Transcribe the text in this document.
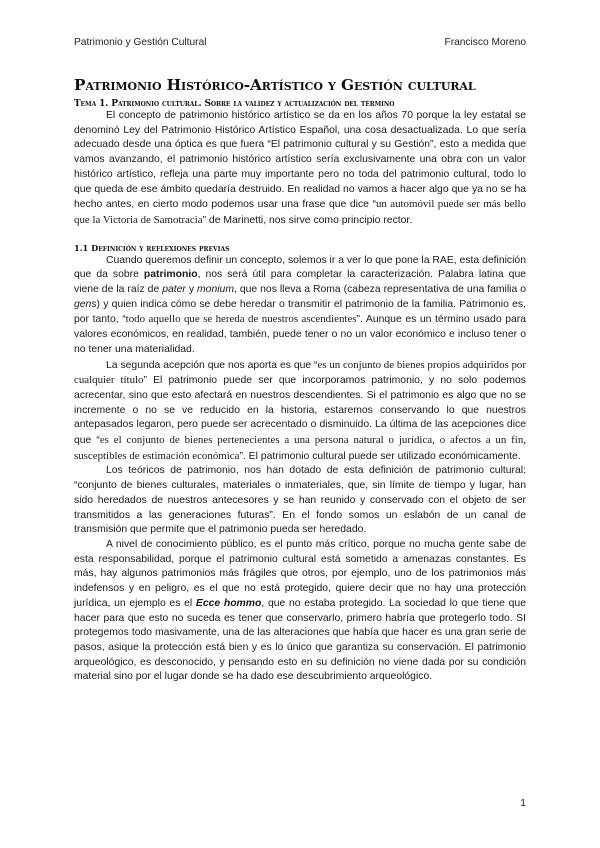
Patrimonio y Gestión Cultural	Francisco Moreno
Patrimonio Histórico-Artístico y Gestión cultural
Tema 1. Patrimonio cultural. Sobre la validez y actualización del término

El concepto de patrimonio histórico artístico se da en los años 70 porque la ley estatal se denominó Ley del Patrimonio Histórico Artístico Español, una cosa desactualizada. Lo que sería adecuado desde una óptica es que fuera “El patrimonio cultural y su Gestión”, esto a medida que vamos avanzando, el patrimonio histórico artístico sería exclusivamente una obra con un valor histórico artístico, refleja una parte muy importante pero no toda del patrimonio cultural, todo lo que queda de ese ámbito quedaría destruido. En realidad no vamos a hacer algo que ya no se ha hecho antes, en cierto modo podemos usar una frase que dice “un automóvil puede ser más bello que la Victoria de Samotracia” de Marinetti, nos sirve como principio rector.

1.1 Definición y reflexiones previas

Cuando queremos definir un concepto, solemos ir a ver lo que pone la RAE, esta definición que da sobre patrimonio, nos será útil para completar la caracterización. Palabra latina que viene de la raíz de pater y monium, que nos lleva a Roma (cabeza representativa de una familia o gens) y quien indica cómo se debe heredar o transmitir el patrimonio de la familia. Patrimonio es, por tanto, “todo aquello que se hereda de nuestros ascendientes”. Aunque es un término usado para valores económicos, en realidad, también, puede tener o no un valor económico e incluso tener o no tener una materialidad.

La segunda acepción que nos aporta es que “es un conjunto de bienes propios adquiridos por cualquier título” El patrimonio puede ser que incorporamos patrimonio, y no solo podemos acrecentar, sino que esto afectará en nuestros descendientes. Si el patrimonio es algo que no se incremente o no se ve reducido en la historia, estaremos conservando lo que nuestros antepasados legaron, pero puede ser acrecentado o disminuido. La última de las acepciones dice que “es el conjunto de bienes pertenecientes a una persona natural o jurídica, o afectos a un fin, susceptibles de estimación económica”. El patrimonio cultural puede ser utilizado económicamente.

Los teóricos de patrimonio, nos han dotado de esta definición de patrimonio cultural: “conjunto de bienes culturales, materiales o inmateriales, que, sin límite de tiempo y lugar, han sido heredados de nuestros antecesores y se han reunido y conservado con el objeto de ser transmitidos a las generaciones futuras”. En el fondo somos un eslabón de un canal de transmisión que permite que el patrimonio pueda ser heredado.

A nivel de conocimiento público, es el punto más crítico, porque no mucha gente sabe de esta responsabilidad, porque el patrimonio cultural está sometido a amenazas constantes. Es más, hay algunos patrimonios más frágiles que otros, por ejemplo, uno de los patrimonios más indefensos y en peligro, es el que no está protegido, quiere decir que no hay una protección jurídica, un ejemplo es el Ecce hommo, que no estaba protegido. La sociedad lo que tiene que hacer para que esto no suceda es tener que conservarlo, primero habría que protegerlo todo. SI protegemos todo masivamente, una de las alteraciones que había que hacer es una gran serie de pasos, asique la protección está bien y es lo único que garantiza su conservación. El patrimonio arqueológico, es desconocido, y pensando esto en su definición no viene dada por su condición material sino por el lugar donde se ha dado ese descubrimiento arqueológico.

1
